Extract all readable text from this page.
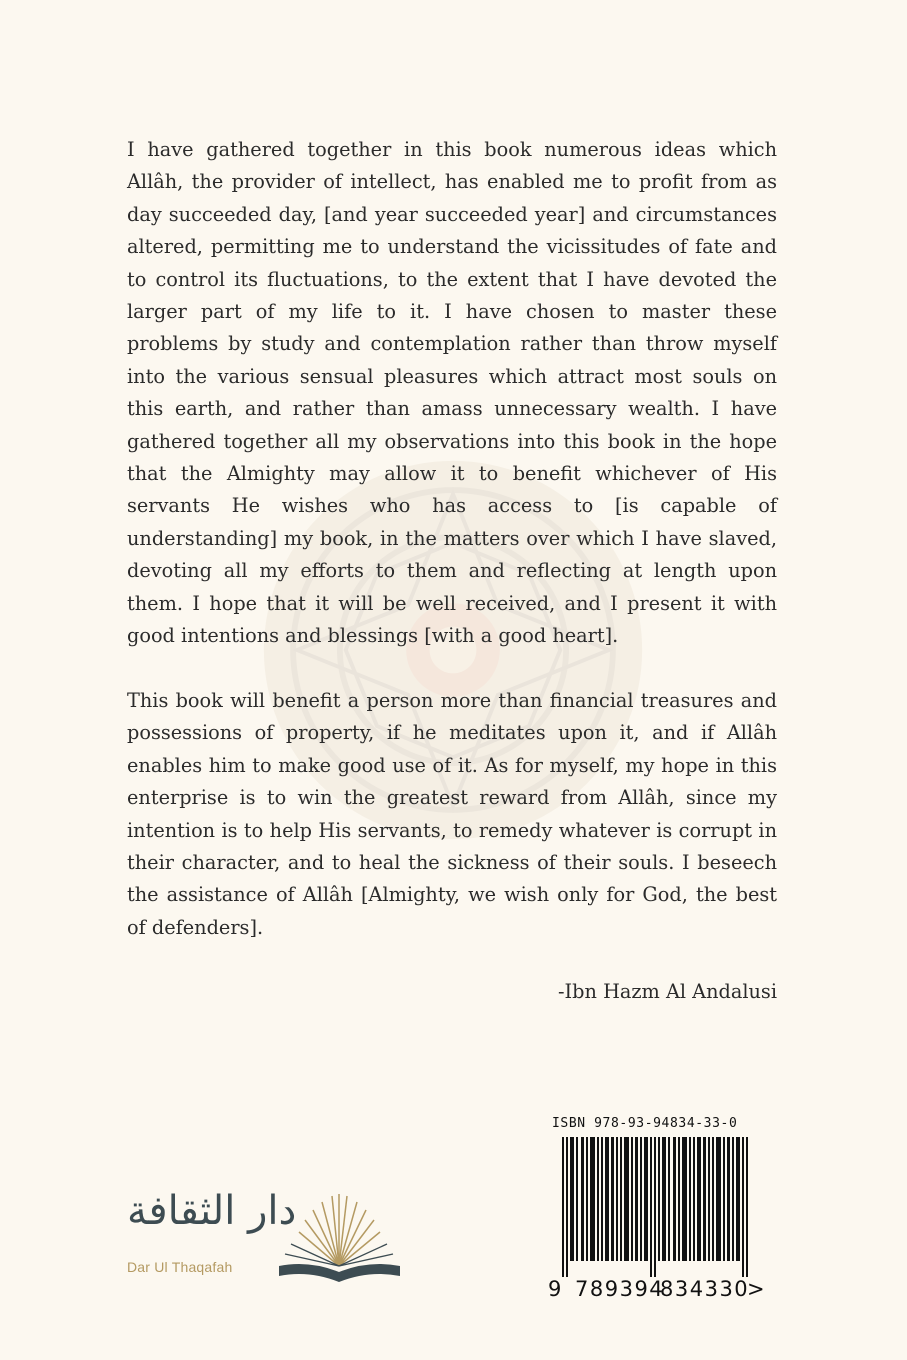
I have gathered together in this book numerous ideas which Allâh, the provider of intellect, has enabled me to profit from as day succeeded day, [and year succeeded year] and circumstances altered, permitting me to understand the vicissitudes of fate and to control its fluctuations, to the extent that I have devoted the larger part of my life to it. I have chosen to master these problems by study and contemplation rather than throw myself into the various sensual pleasures which attract most souls on this earth, and rather than amass unnecessary wealth. I have gathered together all my observations into this book in the hope that the Almighty may allow it to benefit whichever of His servants He wishes who has access to [is capable of understanding] my book, in the matters over which I have slaved, devoting all my efforts to them and reflecting at length upon them. I hope that it will be well received, and I present it with good intentions and blessings [with a good heart].

This book will benefit a person more than financial treasures and possessions of property, if he meditates upon it, and if Allâh enables him to make good use of it. As for myself, my hope in this enterprise is to win the greatest reward from Allâh, since my intention is to help His servants, to remedy whatever is corrupt in their character, and to heal the sickness of their souls. I beseech the assistance of Allâh [Almighty, we wish only for God, the best of defenders].

-Ibn Hazm Al Andalusi
ISBN 978-93-94834-33-0
9 789394
834330
>
دار الثقافة
Dar Ul Thaqafah
